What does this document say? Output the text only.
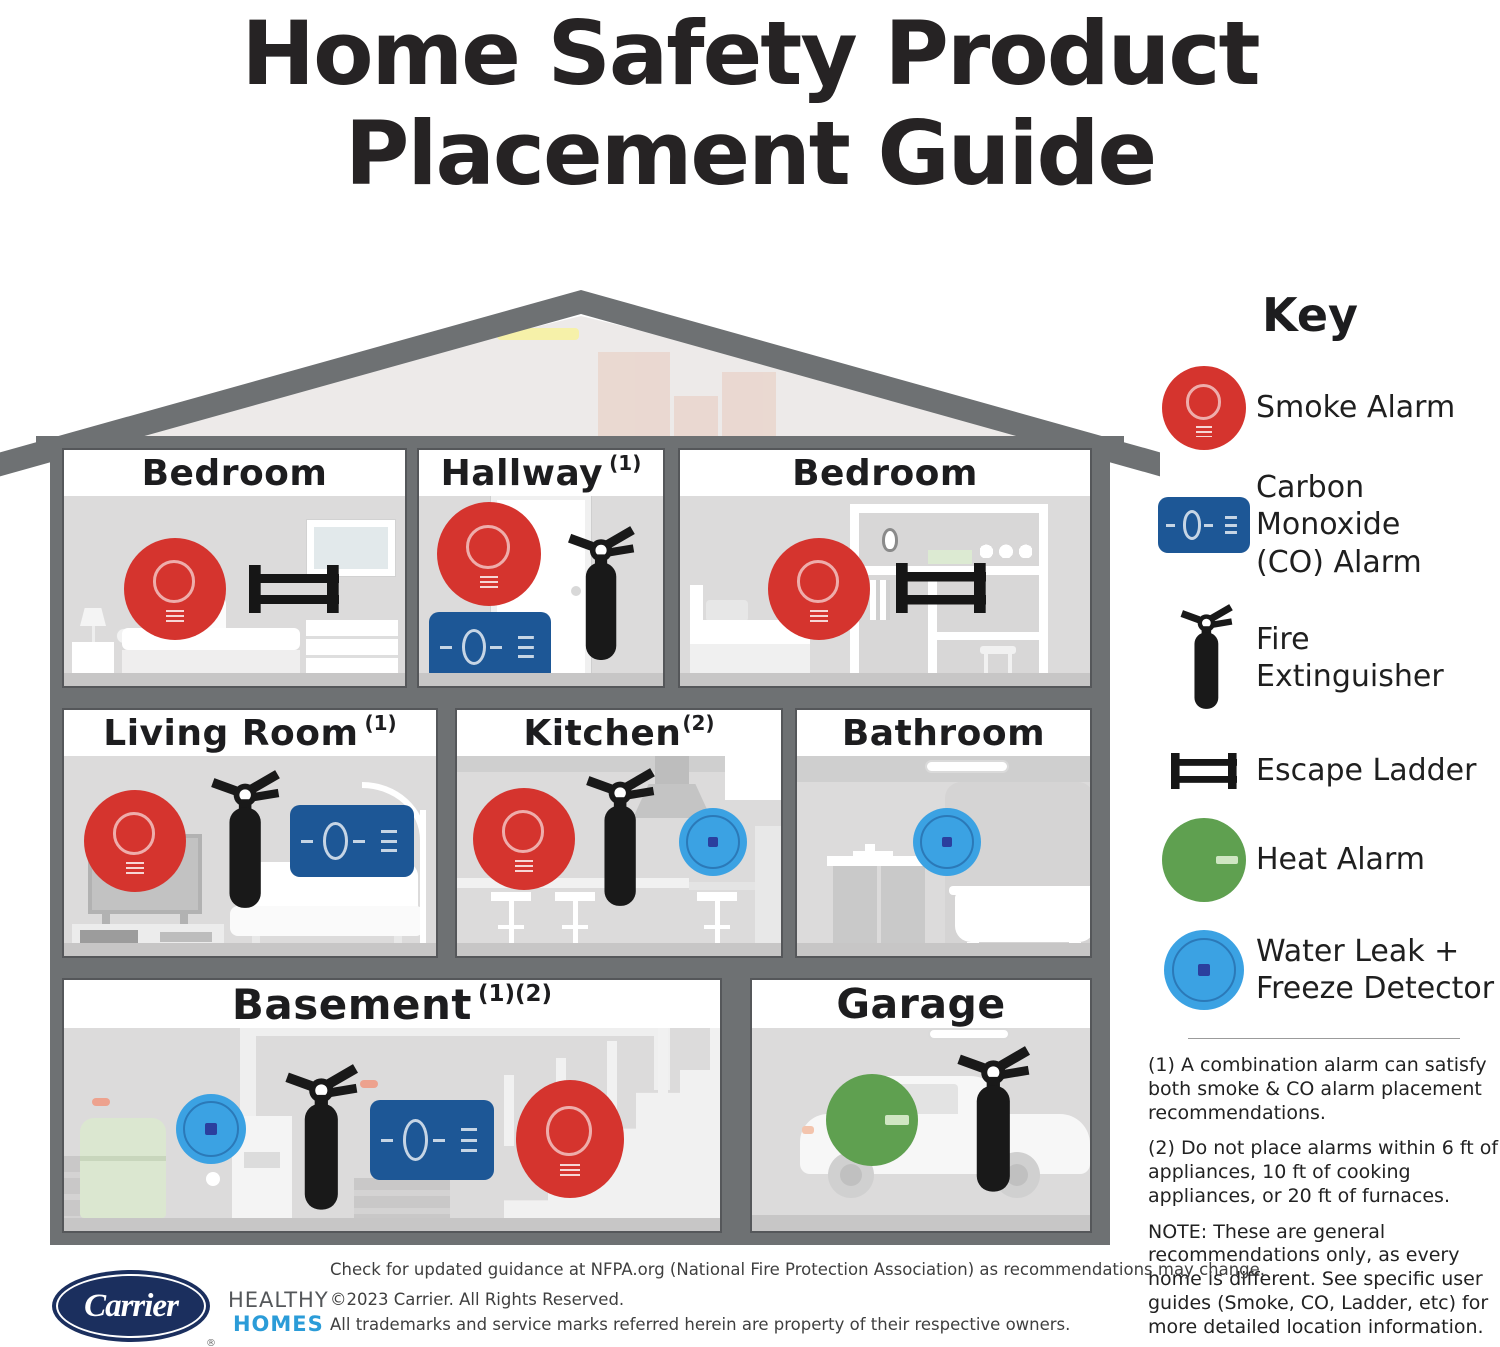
Home Safety Product
Placement Guide
Bedroom	Hallway (1)	Bedroom
Living Room (1)	Kitchen (2)	Bathroom
Basement (1)(2)	Garage
Key
Smoke Alarm
Carbon Monoxide (CO) Alarm
Fire Extinguisher
Escape Ladder
Heat Alarm
Water Leak + Freeze Detector

(1) A combination alarm can satisfy both smoke & CO alarm placement recommendations.

(2) Do not place alarms within 6 ft of appliances, 10 ft of cooking appliances, or 20 ft of furnaces.

NOTE: These are general recommendations only, as every home is different. See specific user guides (Smoke, CO, Ladder, etc) for more detailed location information.

Carrier
®
HEALTHY
HOMES

Check for updated guidance at NFPA.org (National Fire Protection Association) as recommendations may change.

©2023 Carrier. All Rights Reserved.

All trademarks and service marks referred herein are property of their respective owners.
